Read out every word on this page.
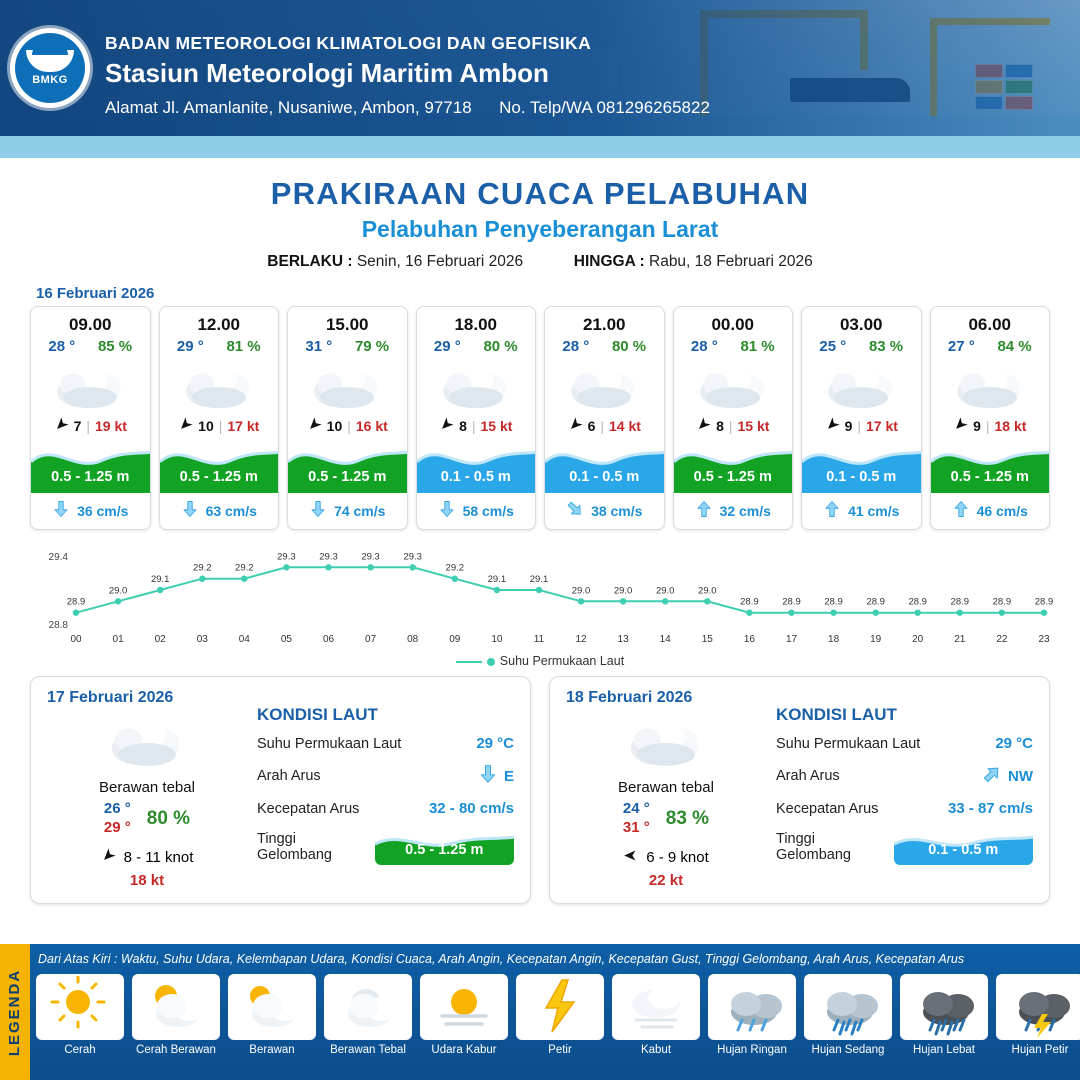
BMKG
BADAN METEOROLOGI KLIMATOLOGI DAN GEOFISIKA
Stasiun Meteorologi Maritim Ambon
Alamat Jl. Amanlanite, Nusaniwe, Ambon, 97718 No. Telp/WA 081296265822
PRAKIRAAN CUACA PELABUHAN
Pelabuhan Penyeberangan Larat
BERLAKU : Senin, 16 Februari 2026	HINGGA : Rabu, 18 Februari 2026
16 Februari 2026
09.00
28 ° 85 %
7 | 19 kt
0.5 - 1.25 m
36 cm/s
12.00
29 ° 81 %
10 | 17 kt
0.5 - 1.25 m
63 cm/s
15.00
31 ° 79 %
10 | 16 kt
0.5 - 1.25 m
74 cm/s
18.00
29 ° 80 %
8 | 15 kt
0.1 - 0.5 m
58 cm/s
21.00
28 ° 80 %
6 | 14 kt
0.1 - 0.5 m
38 cm/s
00.00
28 ° 81 %
8 | 15 kt
0.5 - 1.25 m
32 cm/s
03.00
25 ° 83 %
9 | 17 kt
0.1 - 0.5 m
41 cm/s
06.00
27 ° 84 %
9 | 18 kt
0.5 - 1.25 m
46 cm/s
29.4
28.8
28.9
00
29.0
01
29.1
02
29.2
03
29.2
04
29.3
05
29.3
06
29.3
07
29.3
08
29.2
09
29.1
10
29.1
11
29.0
12
29.0
13
29.0
14
29.0
15
28.9
16
28.9
17
28.9
18
28.9
19
28.9
20
28.9
21
28.9
22
28.9
23
Suhu Permukaan Laut
17 Februari 2026
Berawan tebal
26 °
29 ° 80 %
8 - 11 knot
18 kt
KONDISI LAUT
Suhu Permukaan Laut	29 °C
Arah Arus	E
Kecepatan Arus	32 - 80 cm/s
Tinggi Gelombang	0.5 - 1.25 m
18 Februari 2026
Berawan tebal
24 °
31 ° 83 %
6 - 9 knot
22 kt
KONDISI LAUT
Suhu Permukaan Laut	29 °C
Arah Arus	NW
Kecepatan Arus	33 - 87 cm/s
Tinggi Gelombang	0.1 - 0.5 m
LEGENDA
Dari Atas Kiri : Waktu, Suhu Udara, Kelembapan Udara, Kondisi Cuaca, Arah Angin, Kecepatan Angin, Kecepatan Gust, Tinggi Gelombang, Arah Arus, Kecepatan Arus
Cerah	Cerah Berawan	Berawan	Berawan Tebal	Udara Kabur	Petir	Kabut	Hujan Ringan	Hujan Sedang	Hujan Lebat	Hujan Petir
